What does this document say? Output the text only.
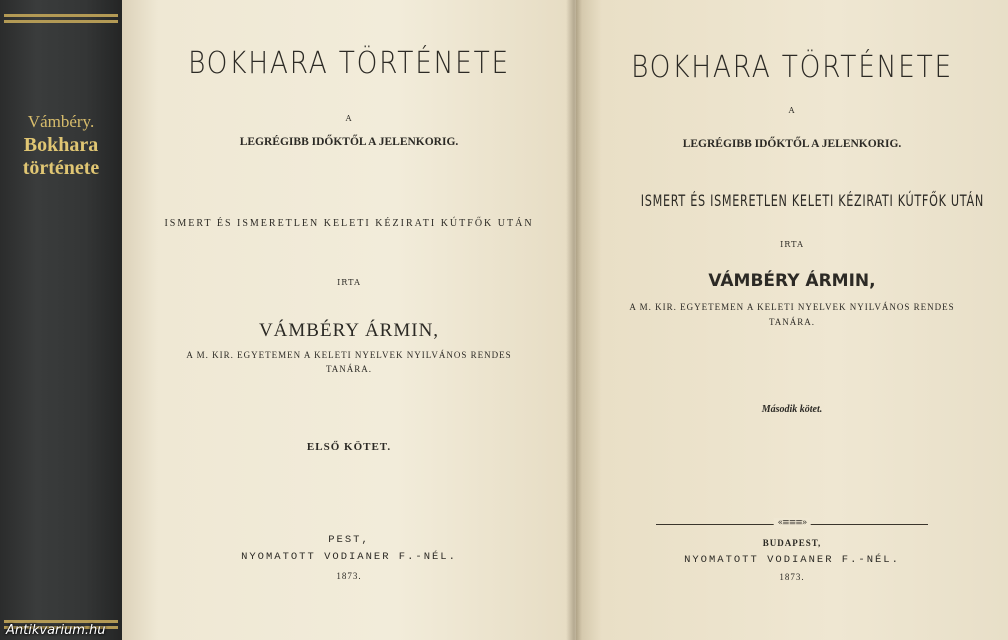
Vámbéry.
Bokhara
története
BOKHARA TÖRTÉNETE
A
LEGRÉGIBB IDŐKTŐL A JELENKORIG.
ISMERT ÉS ISMERETLEN KELETI KÉZIRATI KÚTFŐK UTÁN
IRTA
VÁMBÉRY ÁRMIN,
A M. KIR. EGYETEMEN A KELETI NYELVEK NYILVÁNOS RENDES
TANÁRA.
ELSŐ KÖTET.
PEST,
NYOMATOTT VODIANER F.-NÉL.
1873.
BOKHARA TÖRTÉNETE
A
LEGRÉGIBB IDŐKTŐL A JELENKORIG.
ISMERT ÉS ISMERETLEN KELETI KÉZIRATI KÚTFŐK UTÁN
IRTA
VÁMBÉRY ÁRMIN,
A M. KIR. EGYETEMEN A KELETI NYELVEK NYILVÁNOS RENDES
TANÁRA.
Második kötet.
«≡≡≡»
BUDAPEST,
NYOMATOTT VODIANER F.-NÉL.
1873.
Antikvarium.hu
